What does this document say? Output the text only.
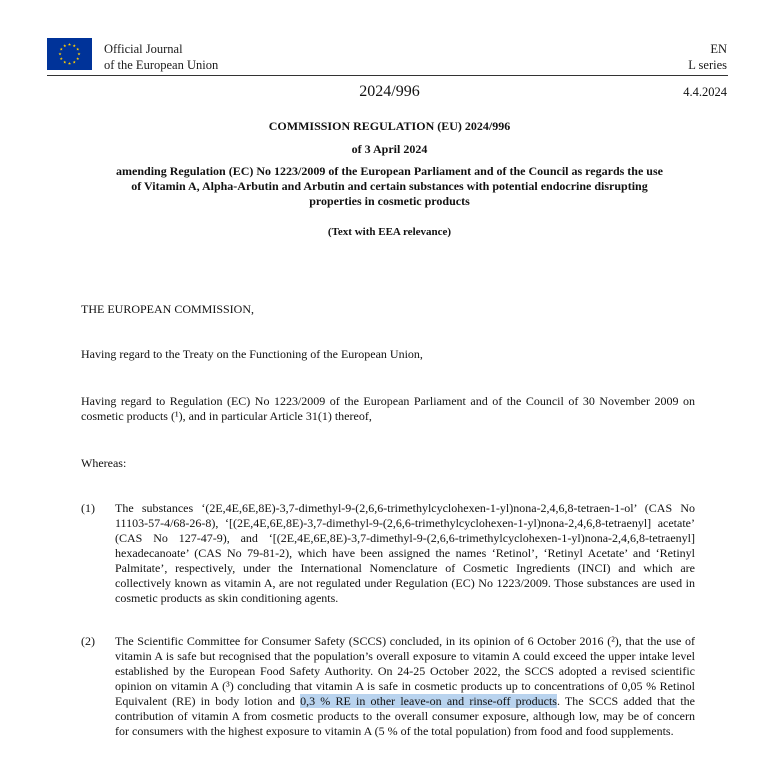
Official Journal
of the European Union
EN
L series
2024/996	4.4.2024
COMMISSION REGULATION (EU) 2024/996
of 3 April 2024
amending Regulation (EC) No 1223/2009 of the European Parliament and of the Council as regards the use of Vitamin A, Alpha-Arbutin and Arbutin and certain substances with potential endocrine disrupting properties in cosmetic products
(Text with EEA relevance)
THE EUROPEAN COMMISSION,
Having regard to the Treaty on the Functioning of the European Union,
Having regard to Regulation (EC) No 1223/2009 of the European Parliament and of the Council of 30 November 2009 on cosmetic products (¹), and in particular Article 31(1) thereof,
Whereas:
(1) The substances ‘(2E,4E,6E,8E)-3,7-dimethyl-9-(2,6,6-trimethylcyclohexen-1-yl)nona-2,4,6,8-tetraen-1-ol’ (CAS No 11103-57-4/68-26-8), ‘[(2E,4E,6E,8E)-3,7-dimethyl-9-(2,6,6-trimethylcyclohexen-1-yl)nona-2,4,6,8-tetraenyl] acetate’ (CAS No 127-47-9), and ‘[(2E,4E,6E,8E)-3,7-dimethyl-9-(2,6,6-trimethylcyclohexen-1-yl)nona-2,4,6,8-tetraenyl] hexadecanoate’ (CAS No 79-81-2), which have been assigned the names ‘Retinol’, ‘Retinyl Acetate’ and ‘Retinyl Palmitate’, respectively, under the International Nomenclature of Cosmetic Ingredients (INCI) and which are collectively known as vitamin A, are not regulated under Regulation (EC) No 1223/2009. Those substances are used in cosmetic products as skin conditioning agents.
(2) The Scientific Committee for Consumer Safety (SCCS) concluded, in its opinion of 6 October 2016 (²), that the use of vitamin A is safe but recognised that the population’s overall exposure to vitamin A could exceed the upper intake level established by the European Food Safety Authority. On 24-25 October 2022, the SCCS adopted a revised scientific opinion on vitamin A (³) concluding that vitamin A is safe in cosmetic products up to concentrations of 0,05 % Retinol Equivalent (RE) in body lotion and 0,3 % RE in other leave-on and rinse-off products. The SCCS added that the contribution of vitamin A from cosmetic products to the overall consumer exposure, although low, may be of concern for consumers with the highest exposure to vitamin A (5 % of the total population) from food and food supplements.
